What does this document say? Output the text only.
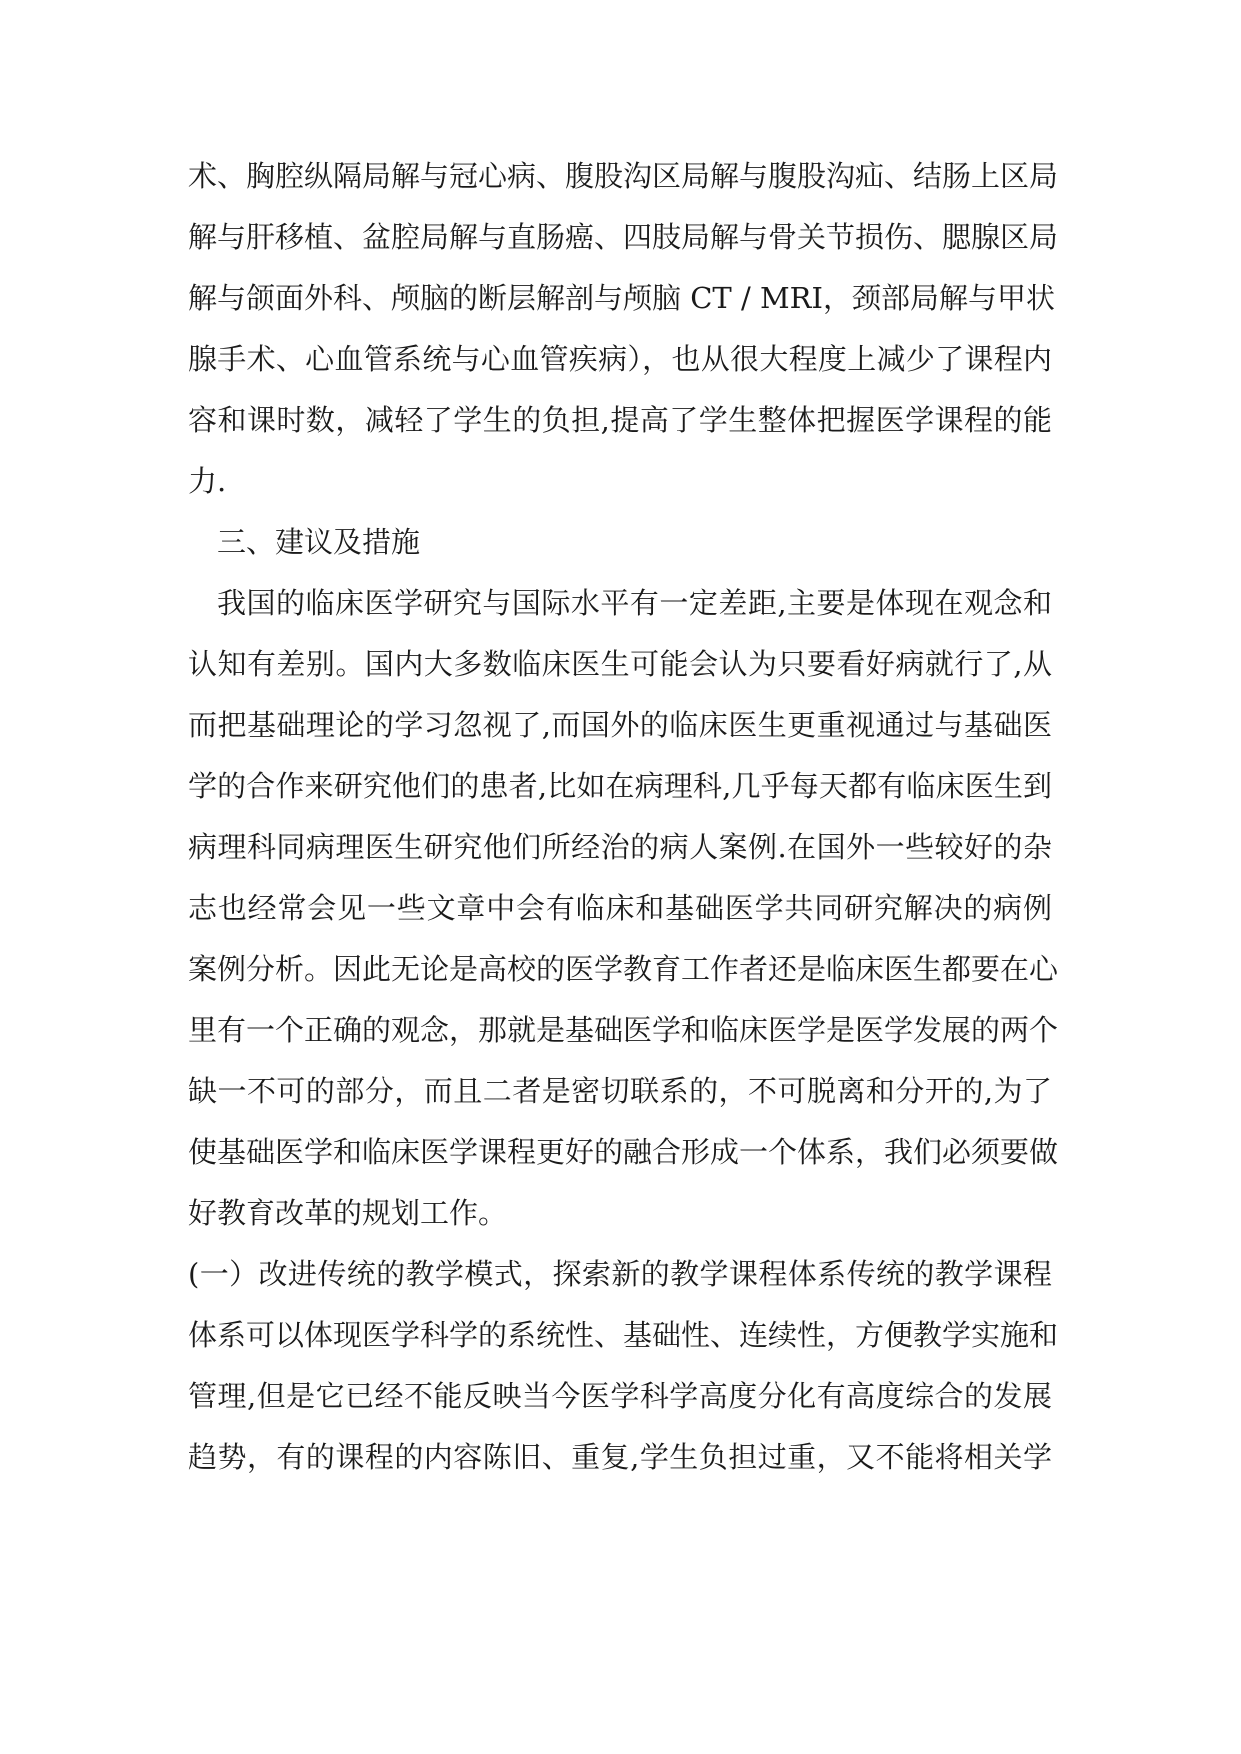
术、胸腔纵隔局解与冠心病、腹股沟区局解与腹股沟疝、结肠上区局
解与肝移植、盆腔局解与直肠癌、四肢局解与骨关节损伤、腮腺区局
解与颌面外科、颅脑的断层解剖与颅脑 CT / MRI，颈部局解与甲状
腺手术、心血管系统与心血管疾病），也从很大程度上减少了课程内
容和课时数，减轻了学生的负担,提高了学生整体把握医学课程的能
力.
三、建议及措施
我国的临床医学研究与国际水平有一定差距,主要是体现在观念和
认知有差别。国内大多数临床医生可能会认为只要看好病就行了,从
而把基础理论的学习忽视了,而国外的临床医生更重视通过与基础医
学的合作来研究他们的患者,比如在病理科,几乎每天都有临床医生到
病理科同病理医生研究他们所经治的病人案例.在国外一些较好的杂
志也经常会见一些文章中会有临床和基础医学共同研究解决的病例
案例分析。因此无论是高校的医学教育工作者还是临床医生都要在心
里有一个正确的观念，那就是基础医学和临床医学是医学发展的两个
缺一不可的部分，而且二者是密切联系的，不可脱离和分开的,为了
使基础医学和临床医学课程更好的融合形成一个体系，我们必须要做
好教育改革的规划工作。
(一）改进传统的教学模式，探索新的教学课程体系传统的教学课程
体系可以体现医学科学的系统性、基础性、连续性，方便教学实施和
管理,但是它已经不能反映当今医学科学高度分化有高度综合的发展
趋势，有的课程的内容陈旧、重复,学生负担过重，又不能将相关学
